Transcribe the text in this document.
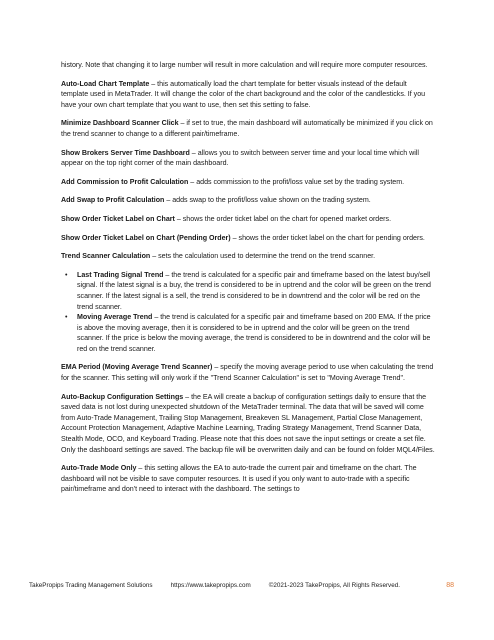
history. Note that changing it to large number will result in more calculation and will require more computer resources.

Auto-Load Chart Template – this automatically load the chart template for better visuals instead of the default template used in MetaTrader. It will change the color of the chart background and the color of the candlesticks. If you have your own chart template that you want to use, then set this setting to false.

Minimize Dashboard Scanner Click – if set to true, the main dashboard will automatically be minimized if you click on the trend scanner to change to a different pair/timeframe.

Show Brokers Server Time Dashboard – allows you to switch between server time and your local time which will appear on the top right corner of the main dashboard.

Add Commission to Profit Calculation – adds commission to the profit/loss value set by the trading system.

Add Swap to Profit Calculation – adds swap to the profit/loss value shown on the trading system.

Show Order Ticket Label on Chart – shows the order ticket label on the chart for opened market orders.

Show Order Ticket Label on Chart (Pending Order) – shows the order ticket label on the chart for pending orders.

Trend Scanner Calculation – sets the calculation used to determine the trend on the trend scanner.

• Last Trading Signal Trend – the trend is calculated for a specific pair and timeframe based on the latest buy/sell signal. If the latest signal is a buy, the trend is considered to be in uptrend and the color will be green on the trend scanner. If the latest signal is a sell, the trend is considered to be in downtrend and the color will be red on the trend scanner.
• Moving Average Trend – the trend is calculated for a specific pair and timeframe based on 200 EMA. If the price is above the moving average, then it is considered to be in uptrend and the color will be green on the trend scanner. If the price is below the moving average, the trend is considered to be in downtrend and the color will be red on the trend scanner.

EMA Period (Moving Average Trend Scanner) – specify the moving average period to use when calculating the trend for the scanner. This setting will only work if the "Trend Scanner Calculation" is set to "Moving Average Trend".

Auto-Backup Configuration Settings – the EA will create a backup of configuration settings daily to ensure that the saved data is not lost during unexpected shutdown of the MetaTrader terminal. The data that will be saved will come from Auto-Trade Management, Trailing Stop Management, Breakeven SL Management, Partial Close Management, Account Protection Management, Adaptive Machine Learning, Trading Strategy Management, Trend Scanner Data, Stealth Mode, OCO, and Keyboard Trading. Please note that this does not save the input settings or create a set file. Only the dashboard settings are saved. The backup file will be overwritten daily and can be found on folder MQL4/Files.

Auto-Trade Mode Only – this setting allows the EA to auto-trade the current pair and timeframe on the chart. The dashboard will not be visible to save computer resources. It is used if you only want to auto-trade with a specific pair/timeframe and don't need to interact with the dashboard. The settings to

TakePropips Trading Management Solutions	https://www.takepropips.com	©2021-2023 TakePropips, All Rights Reserved.	88
